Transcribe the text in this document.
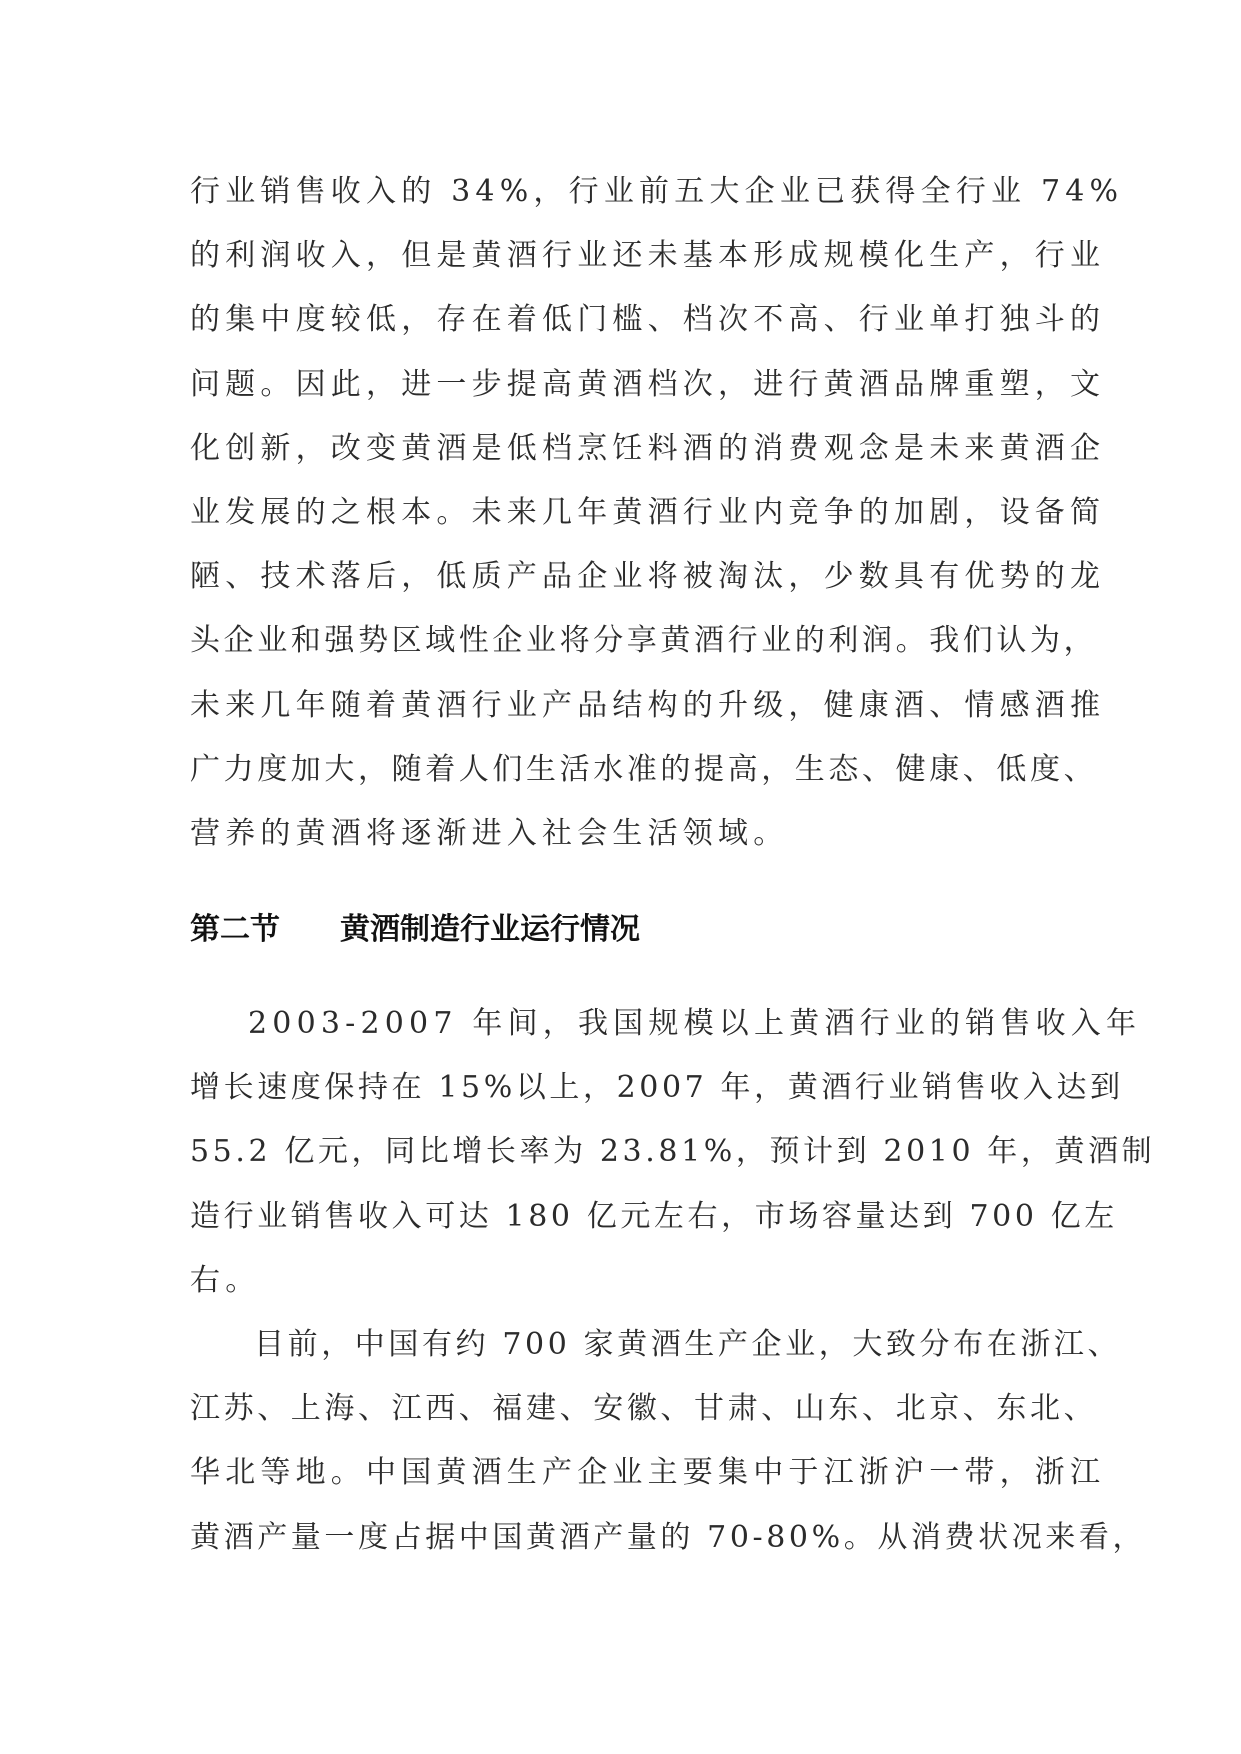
行业销售收入的 34%，行业前五大企业已获得全行业 74%
的利润收入，但是黄酒行业还未基本形成规模化生产，行业
的集中度较低，存在着低门槛、档次不高、行业单打独斗的
问题。因此，进一步提高黄酒档次，进行黄酒品牌重塑，文
化创新，改变黄酒是低档烹饪料酒的消费观念是未来黄酒企
业发展的之根本。未来几年黄酒行业内竞争的加剧，设备简
陋、技术落后，低质产品企业将被淘汰，少数具有优势的龙
头企业和强势区域性企业将分享黄酒行业的利润。我们认为，
未来几年随着黄酒行业产品结构的升级，健康酒、情感酒推
广力度加大，随着人们生活水准的提高，生态、健康、低度、
营养的黄酒将逐渐进入社会生活领域。
第二节 黄酒制造行业运行情况
2003-2007 年间，我国规模以上黄酒行业的销售收入年
增长速度保持在 15%以上，2007 年，黄酒行业销售收入达到
55.2 亿元，同比增长率为 23.81%，预计到 2010 年，黄酒制
造行业销售收入可达 180 亿元左右，市场容量达到 700 亿左
右。
目前，中国有约 700 家黄酒生产企业，大致分布在浙江、
江苏、上海、江西、福建、安徽、甘肃、山东、北京、东北、
华北等地。中国黄酒生产企业主要集中于江浙沪一带，浙江
黄酒产量一度占据中国黄酒产量的 70-80%。从消费状况来看，
